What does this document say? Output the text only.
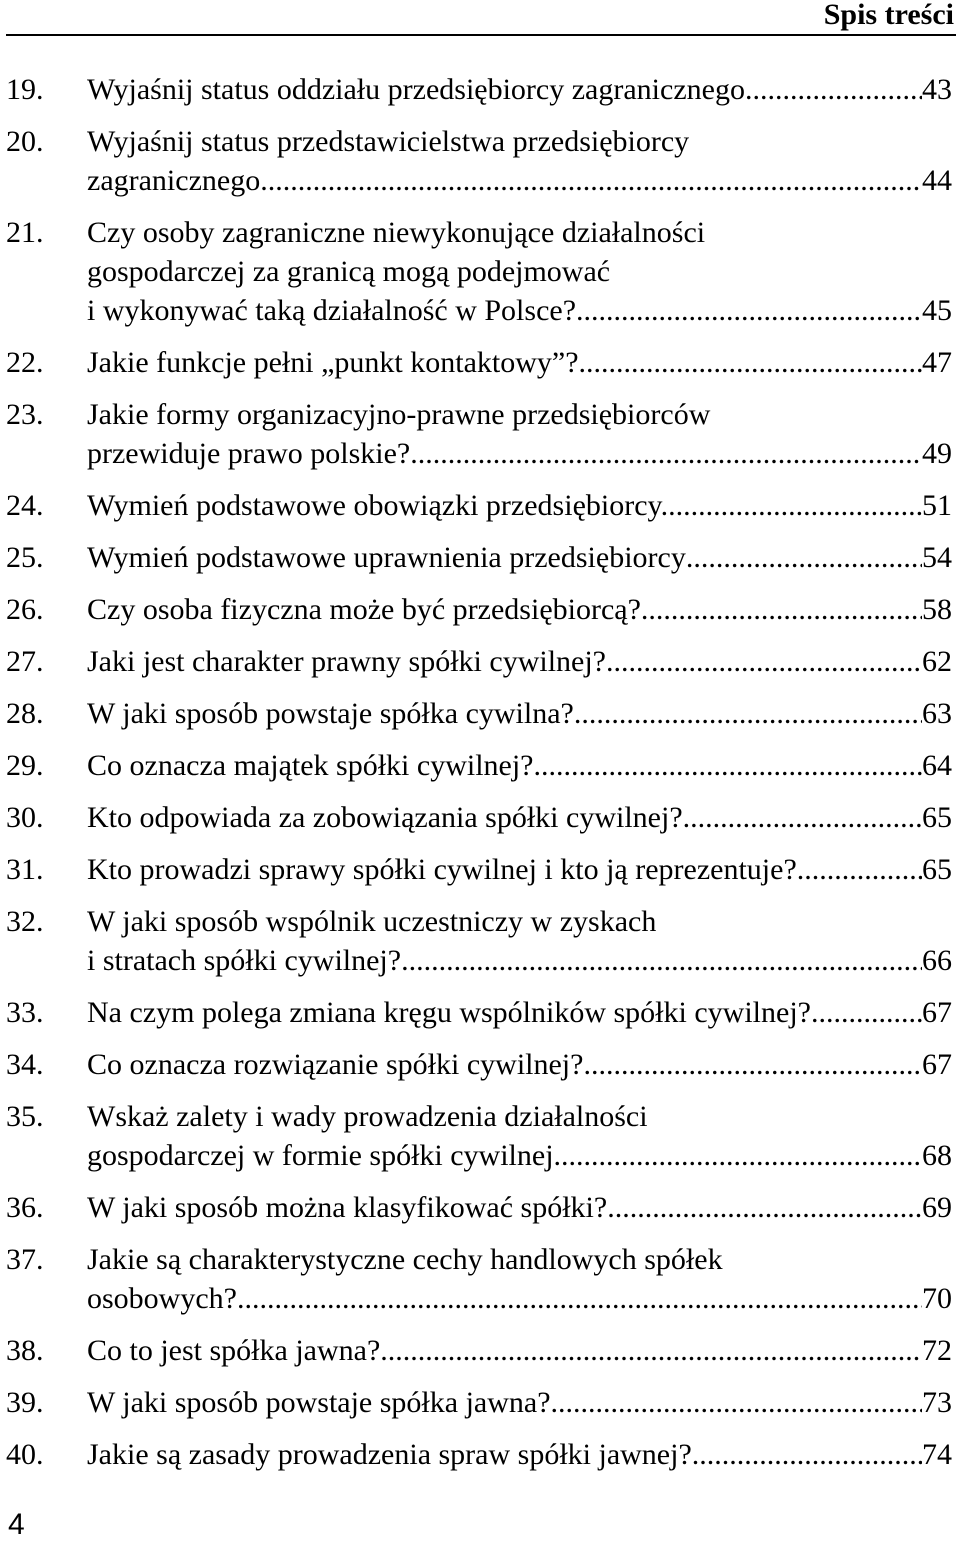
Spis treści
19. Wyjaśnij status oddziału przedsiębiorcy zagranicznego. .....	43
20. Wyjaśnij status przedstawicielstwa przedsiębiorcy
zagranicznego. .....	44
21. Czy osoby zagraniczne niewykonujące działalności
gospodarczej za granicą mogą podejmować
i wykonywać taką działalność w Polsce? .....	45
22. Jakie funkcje pełni „punkt kontaktowy”? .....	47
23. Jakie formy organizacyjno-prawne przedsiębiorców
przewiduje prawo polskie? .....	49
24. Wymień podstawowe obowiązki przedsiębiorcy. .....	51
25. Wymień podstawowe uprawnienia przedsiębiorcy .....	54
26. Czy osoba fizyczna może być przedsiębiorcą? .....	58
27. Jaki jest charakter prawny spółki cywilnej? .....	62
28. W jaki sposób powstaje spółka cywilna? .....	63
29. Co oznacza majątek spółki cywilnej? .....	64
30. Kto odpowiada za zobowiązania spółki cywilnej? .....	65
31. Kto prowadzi sprawy spółki cywilnej i kto ją reprezentuje? .....	65
32. W jaki sposób wspólnik uczestniczy w zyskach
i stratach spółki cywilnej? .....	66
33. Na czym polega zmiana kręgu wspólników spółki cywilnej? .....	67
34. Co oznacza rozwiązanie spółki cywilnej? .....	67
35. Wskaż zalety i wady prowadzenia działalności
gospodarczej w formie spółki cywilnej .....	68
36. W jaki sposób można klasyfikować spółki? .....	69
37. Jakie są charakterystyczne cechy handlowych spółek
osobowych? .....	70
38. Co to jest spółka jawna? .....	72
39. W jaki sposób powstaje spółka jawna? .....	73
40. Jakie są zasady prowadzenia spraw spółki jawnej? .....	74
4
